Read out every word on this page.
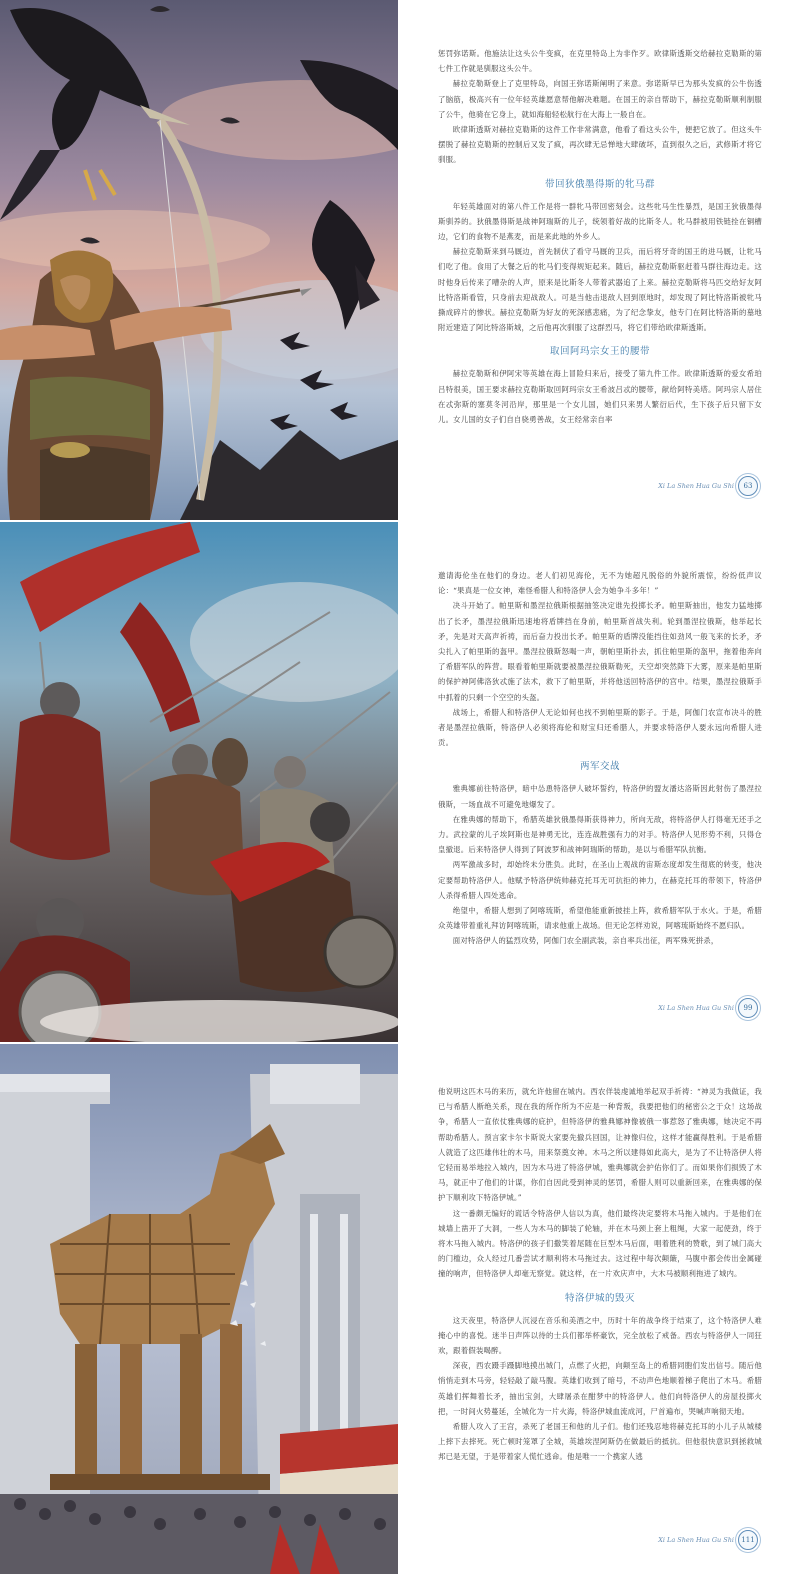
惩罚弥诺斯。他施法让这头公牛变疯，在克里特岛上为非作歹。欧律斯透斯交给赫拉克勒斯的第七件工作就是驯服这头公牛。

赫拉克勒斯登上了克里特岛，向国王弥诺斯阐明了来意。弥诺斯早已为那头发疯的公牛伤透了脑筋，极高兴有一位年轻英雄愿意帮他解决难题。在国王的亲自帮助下，赫拉克勒斯顺利制服了公牛，他骑在它身上，就如海船轻松航行在大海上一般自在。

欧律斯透斯对赫拉克勒斯的这件工作非常满意，他看了看这头公牛，便把它放了。但这头牛摆脱了赫拉克勒斯的控制后又发了疯，再次肆无忌惮地大肆破坏，直到很久之后，武修斯才将它驯服。

带回狄俄墨得斯的牝马群

年轻英雄面对的第八件工作是将一群牝马带回密刻会。这些牝马生性暴烈，是国王狄俄墨得斯驯养的。狄俄墨得斯是战神阿瑞斯的儿子，统领着好战的比斯冬人。牝马群被用铁链拴在铜槽边，它们的食物不是燕麦，而是来此地的外乡人。

赫拉克勒斯来到马厩边，首先制伏了看守马厩的卫兵，而后将牙奇的国王的进马厩，让牝马们吃了他。食用了大餐之后的牝马们变得规矩起来。随后，赫拉克勒斯驱赶着马群往海边走。这时他身后传来了嘈杂的人声，原来是比斯冬人带着武器追了上来。赫拉克勒斯将马匹交给好友阿比特洛斯看管，只身前去迎战敌人。可是当他击退敌人回到原地时，却发现了阿比特洛斯被牝马撕成碎片的惨状。赫拉克勒斯为好友的死深感悲痛，为了纪念挚友，他专门在阿比特洛斯的墓地附近建造了阿比特洛斯城，之后他再次驯服了这群烈马，将它们带给欧律斯透斯。

取回阿玛宗女王的腰带

赫拉克勒斯和伊阿宋等英雄在海上冒险归来后，接受了第九件工作。欧律斯透斯的爱女希珀吕特很美，国王要求赫拉克勒斯取回阿玛宗女王希波吕忒的腰带，献给阿特美塔。阿玛宗人居住在忒弥斯的塞莫冬河沿岸，那里是一个女儿国，她们只来男人繁衍后代，生下孩子后只留下女儿。女儿国的女子们自自骁勇善战，女王经常亲自率

Xi La Shen Hua Gu Shi	63

邀请海伦坐在他们的身边。老人们初见海伦，无不为她超凡脱俗的外貌所震惊，纷纷低声议论：“果真是一位女神，难怪希腊人和特洛伊人会为她争斗多年！”

决斗开始了。帕里斯和墨涅拉俄斯根据抽签决定谁先投掷长矛。帕里斯抽出，他发力猛地掷出了长矛，墨涅拉俄斯迅速地将盾牌挡在身前，帕里斯首战失利。轮到墨涅拉俄斯，他举起长矛，先是对天高声祈祷，而后奋力投出长矛。帕里斯的盾牌没能挡住如劲风一般飞来的长矛，矛尖扎入了帕里斯的盔甲。墨涅拉俄斯怒喝一声，朝帕里斯扑去，抓住帕里斯的盔甲，拖着他奔向了希腊军队的阵营。眼看着帕里斯就要被墨涅拉俄斯勒死，天空却突然降下大雾，原来是帕里斯的保护神阿佛洛狄忒施了法术，救下了帕里斯，并将他送回特洛伊的宫中。结果，墨涅拉俄斯手中抓着的只剩一个空空的头盔。

战场上，希腊人和特洛伊人无论如何也找不到帕里斯的影子。于是，阿伽门农宣布决斗的胜者是墨涅拉俄斯，特洛伊人必须将海伦和财宝归还希腊人，并要求特洛伊人要永远向希腊人进贡。

两军交战

雅典娜前往特洛伊，暗中怂恿特洛伊人破坏誓约，特洛伊的盟友潘达洛斯因此射伤了墨涅拉俄斯，一场血战不可避免地爆发了。

在雅典娜的帮助下，希腊英雄狄俄墨得斯获得神力，所向无敌，将特洛伊人打得毫无还手之力。武拉蒙的儿子埃阿斯也是神勇无比，连连战胜强有力的对手。特洛伊人见形势不利，只得仓皇撤退。后来特洛伊人得到了阿波罗和战神阿瑞斯的帮助，是以与希腊军队抗衡。

两军激战多时，却始终未分胜负。此时，在圣山上观战的宙斯态度却发生彻底的转变，他决定要帮助特洛伊人。他赋予特洛伊统帅赫克托耳无可抗拒的神力，在赫克托耳的带领下，特洛伊人杀得希腊人四处逃命。

绝望中，希腊人想到了阿喀琉斯，希望他能重新披挂上阵，救希腊军队于水火。于是，希腊众英雄带着重礼拜访阿喀琉斯，请求他重上战场。但无论怎样劝说，阿喀琉斯始终不愿归队。

面对特洛伊人的猛烈攻势，阿伽门农全副武装，亲自率兵出征，两军殊死拼杀，

Xi La Shen Hua Gu Shi	99

他说明这匹木马的来历，就允许他留在城内。西农佯装虔诚地举起双手祈祷：“神灵为我做证，我已与希腊人断绝关系，现在我的所作所为不应是一种背叛，我要把他们的秘密公之于众！这场战争，希腊人一直依仗雅典娜的庇护，但特洛伊的雅典娜神像被俄一事惹怒了雅典娜，她决定不再帮助希腊人。预言家卡尔卡斯说大家要先撤兵回国，让神像归位，这样才能赢得胜利。于是希腊人就造了这匹雄伟壮的木马，用来祭奠女神。木马之所以建得如此高大，是为了不让特洛伊人将它轻而易举地拉入城内，因为木马进了特洛伊城，雅典娜就会护佑你们了。而如果你们损毁了木马，就正中了他们的计谋，你们自因此受到神灵的惩罚，希腊人则可以重新回来，在雅典娜的保护下顺利攻下特洛伊城。”

这一番颇无编好的谎话令特洛伊人信以为真，他们最终决定要将木马拖入城内。于是他们在城墙上凿开了大洞，一些人为木马的脚装了轮轴，并在木马颈上套上粗绳，大家一起使劲，终于将木马拖入城内。特洛伊的孩子们撒笑着尾随在巨型木马后面，唱着胜利的赞歌，到了城门高大的门槛边，众人经过几番尝试才顺利将木马拖过去。这过程中每次颠簸，马腹中都会传出金属碰撞的响声，但特洛伊人却毫无察觉。就这样，在一片欢庆声中，大木马被顺利拖进了城内。

特洛伊城的毁灭

这天夜里，特洛伊人沉浸在音乐和美酒之中，历时十年的战争终于结束了，这个特洛伊人难掩心中的喜悦。迷半日声阵以待的士兵们都举杯豪饮，完全放松了戒备。西农与特洛伊人一同狂欢，跟着假装喝醉。

深夜，西农蹑手蹑脚地摸出城门，点燃了火把，向颠至岛上的希腊同胞们发出信号。随后他悄悄走到木马旁，轻轻敲了敲马腹。英雄们收到了暗号，不动声色地顺着梯子爬出了木马。希腊英雄们挥舞着长矛，抽出宝剑，大肆屠杀在酣梦中的特洛伊人。他们向特洛伊人的房屋投掷火把，一时间火势蔓延，全城化为一片火海，特洛伊城血流成河，尸首遍布，哭喊声响彻天地。

希腊人攻入了王宫，杀死了老国王和他的儿子们。他们还残忍地将赫克托耳的小儿子从城楼上摔下去摔死。死亡顿时笼罩了全城，英雄埃涅阿斯仍在做最后的抵抗。但他很快意识到拯救城邦已是无望，于是带着家人慌忙逃命。他是唯一一个携家人逃

Xi La Shen Hua Gu Shi	111
